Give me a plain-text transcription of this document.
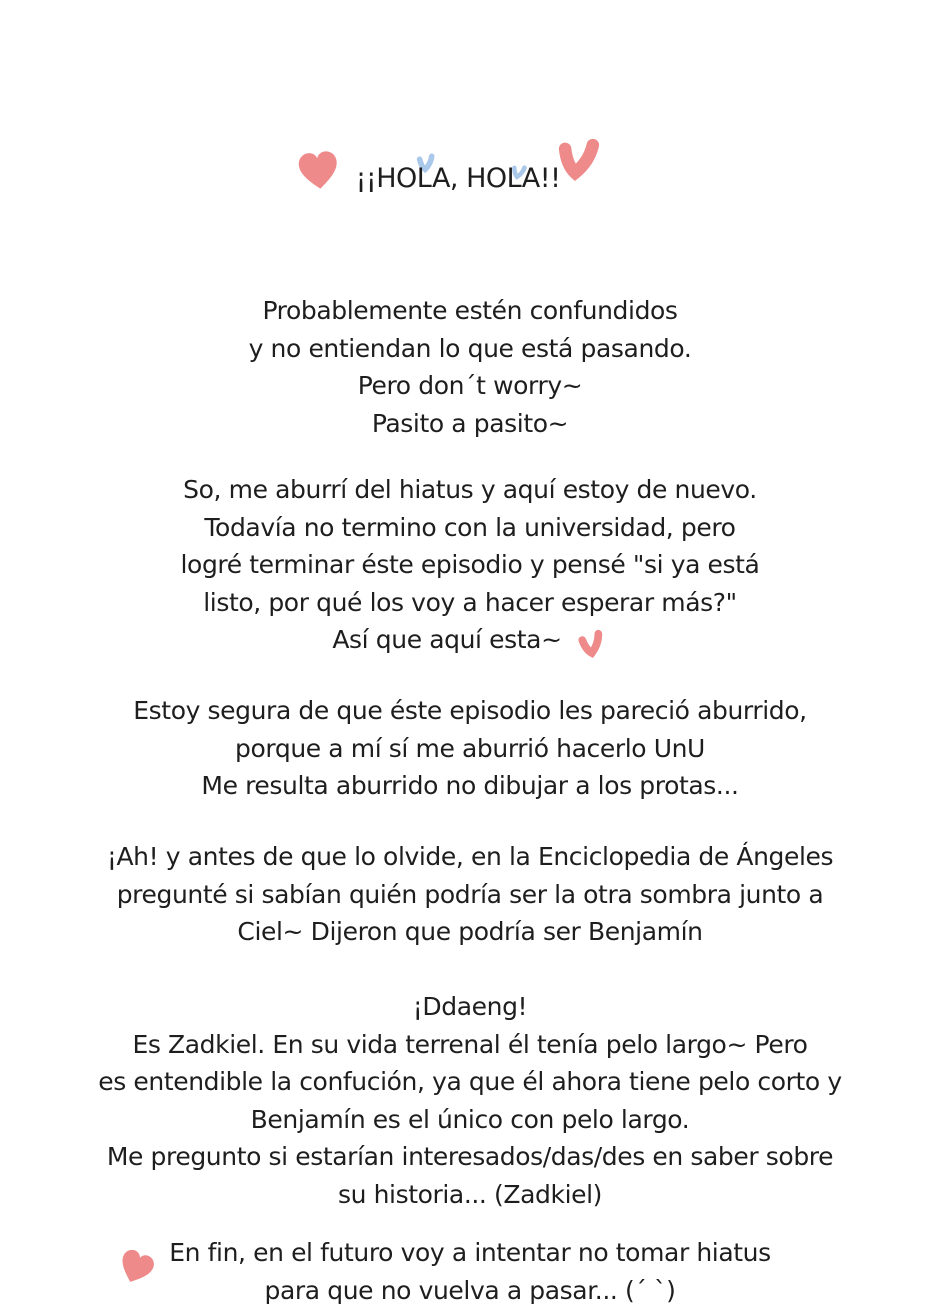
¡¡HOLA, HOLA!!
Probablemente estén confundidos
y no entiendan lo que está pasando.
Pero don´t worry~
Pasito a pasito~
So, me aburrí del hiatus y aquí estoy de nuevo.
Todavía no termino con la universidad, pero
logré terminar éste episodio y pensé "si ya está
listo, por qué los voy a hacer esperar más?"
Así que aquí esta~
Estoy segura de que éste episodio les pareció aburrido,
porque a mí sí me aburrió hacerlo UnU
Me resulta aburrido no dibujar a los protas...
¡Ah! y antes de que lo olvide, en la Enciclopedia de Ángeles
pregunté si sabían quién podría ser la otra sombra junto a
Ciel~ Dijeron que podría ser Benjamín
¡Ddaeng!
Es Zadkiel. En su vida terrenal él tenía pelo largo~ Pero
es entendible la confución, ya que él ahora tiene pelo corto y
Benjamín es el único con pelo largo.
Me pregunto si estarían interesados/das/des en saber sobre
su historia... (Zadkiel)
En fin, en el futuro voy a intentar no tomar hiatus
para que no vuelva a pasar... (´ `)
